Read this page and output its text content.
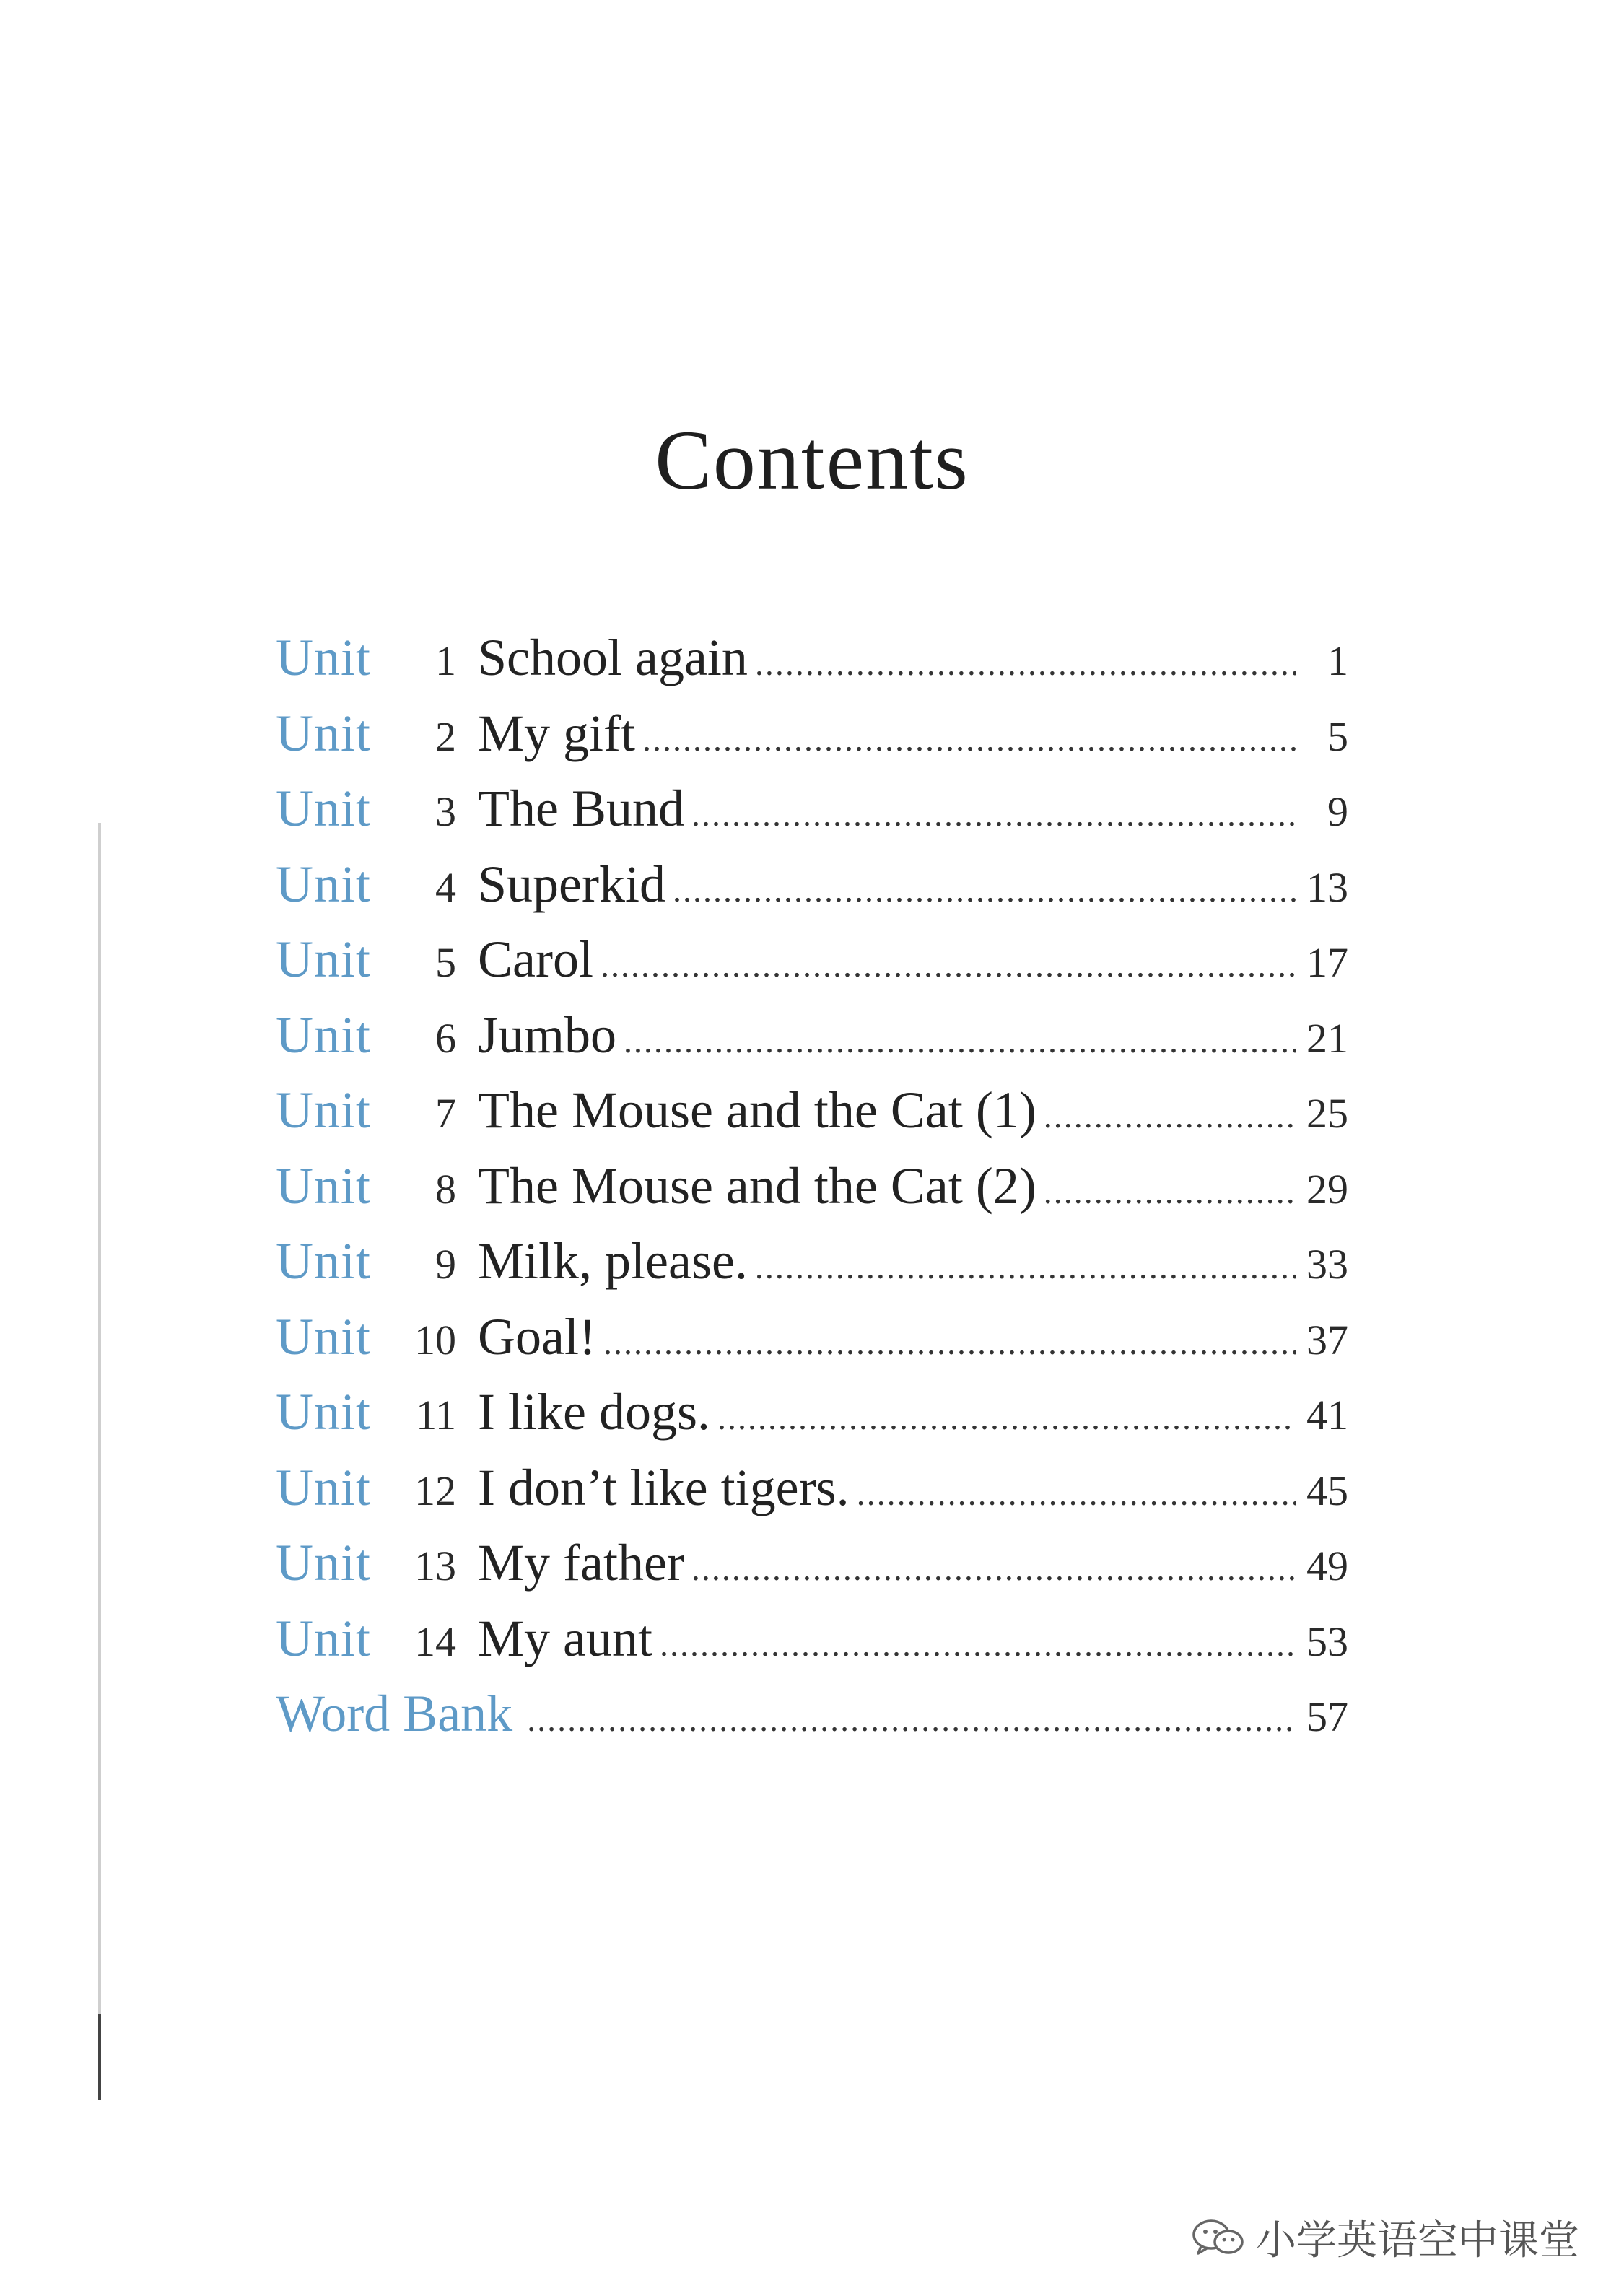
Contents
Unit	1 School again .....	1
Unit	2 My gift .....	5
Unit	3 The Bund .....	9
Unit	4 Superkid .....	13
Unit	5 Carol .....	17
Unit	6 Jumbo .....	21
Unit	7 The Mouse and the Cat (1) .....	25
Unit	8 The Mouse and the Cat (2) .....	29
Unit	9 Milk, please. .....	33
Unit	10 Goal! .....	37
Unit	11 I like dogs. .....	41
Unit	12 I don’t like tigers. .....	45
Unit	13 My father .....	49
Unit	14 My aunt .....	53
Word Bank .....	57
小学英语空中课堂
